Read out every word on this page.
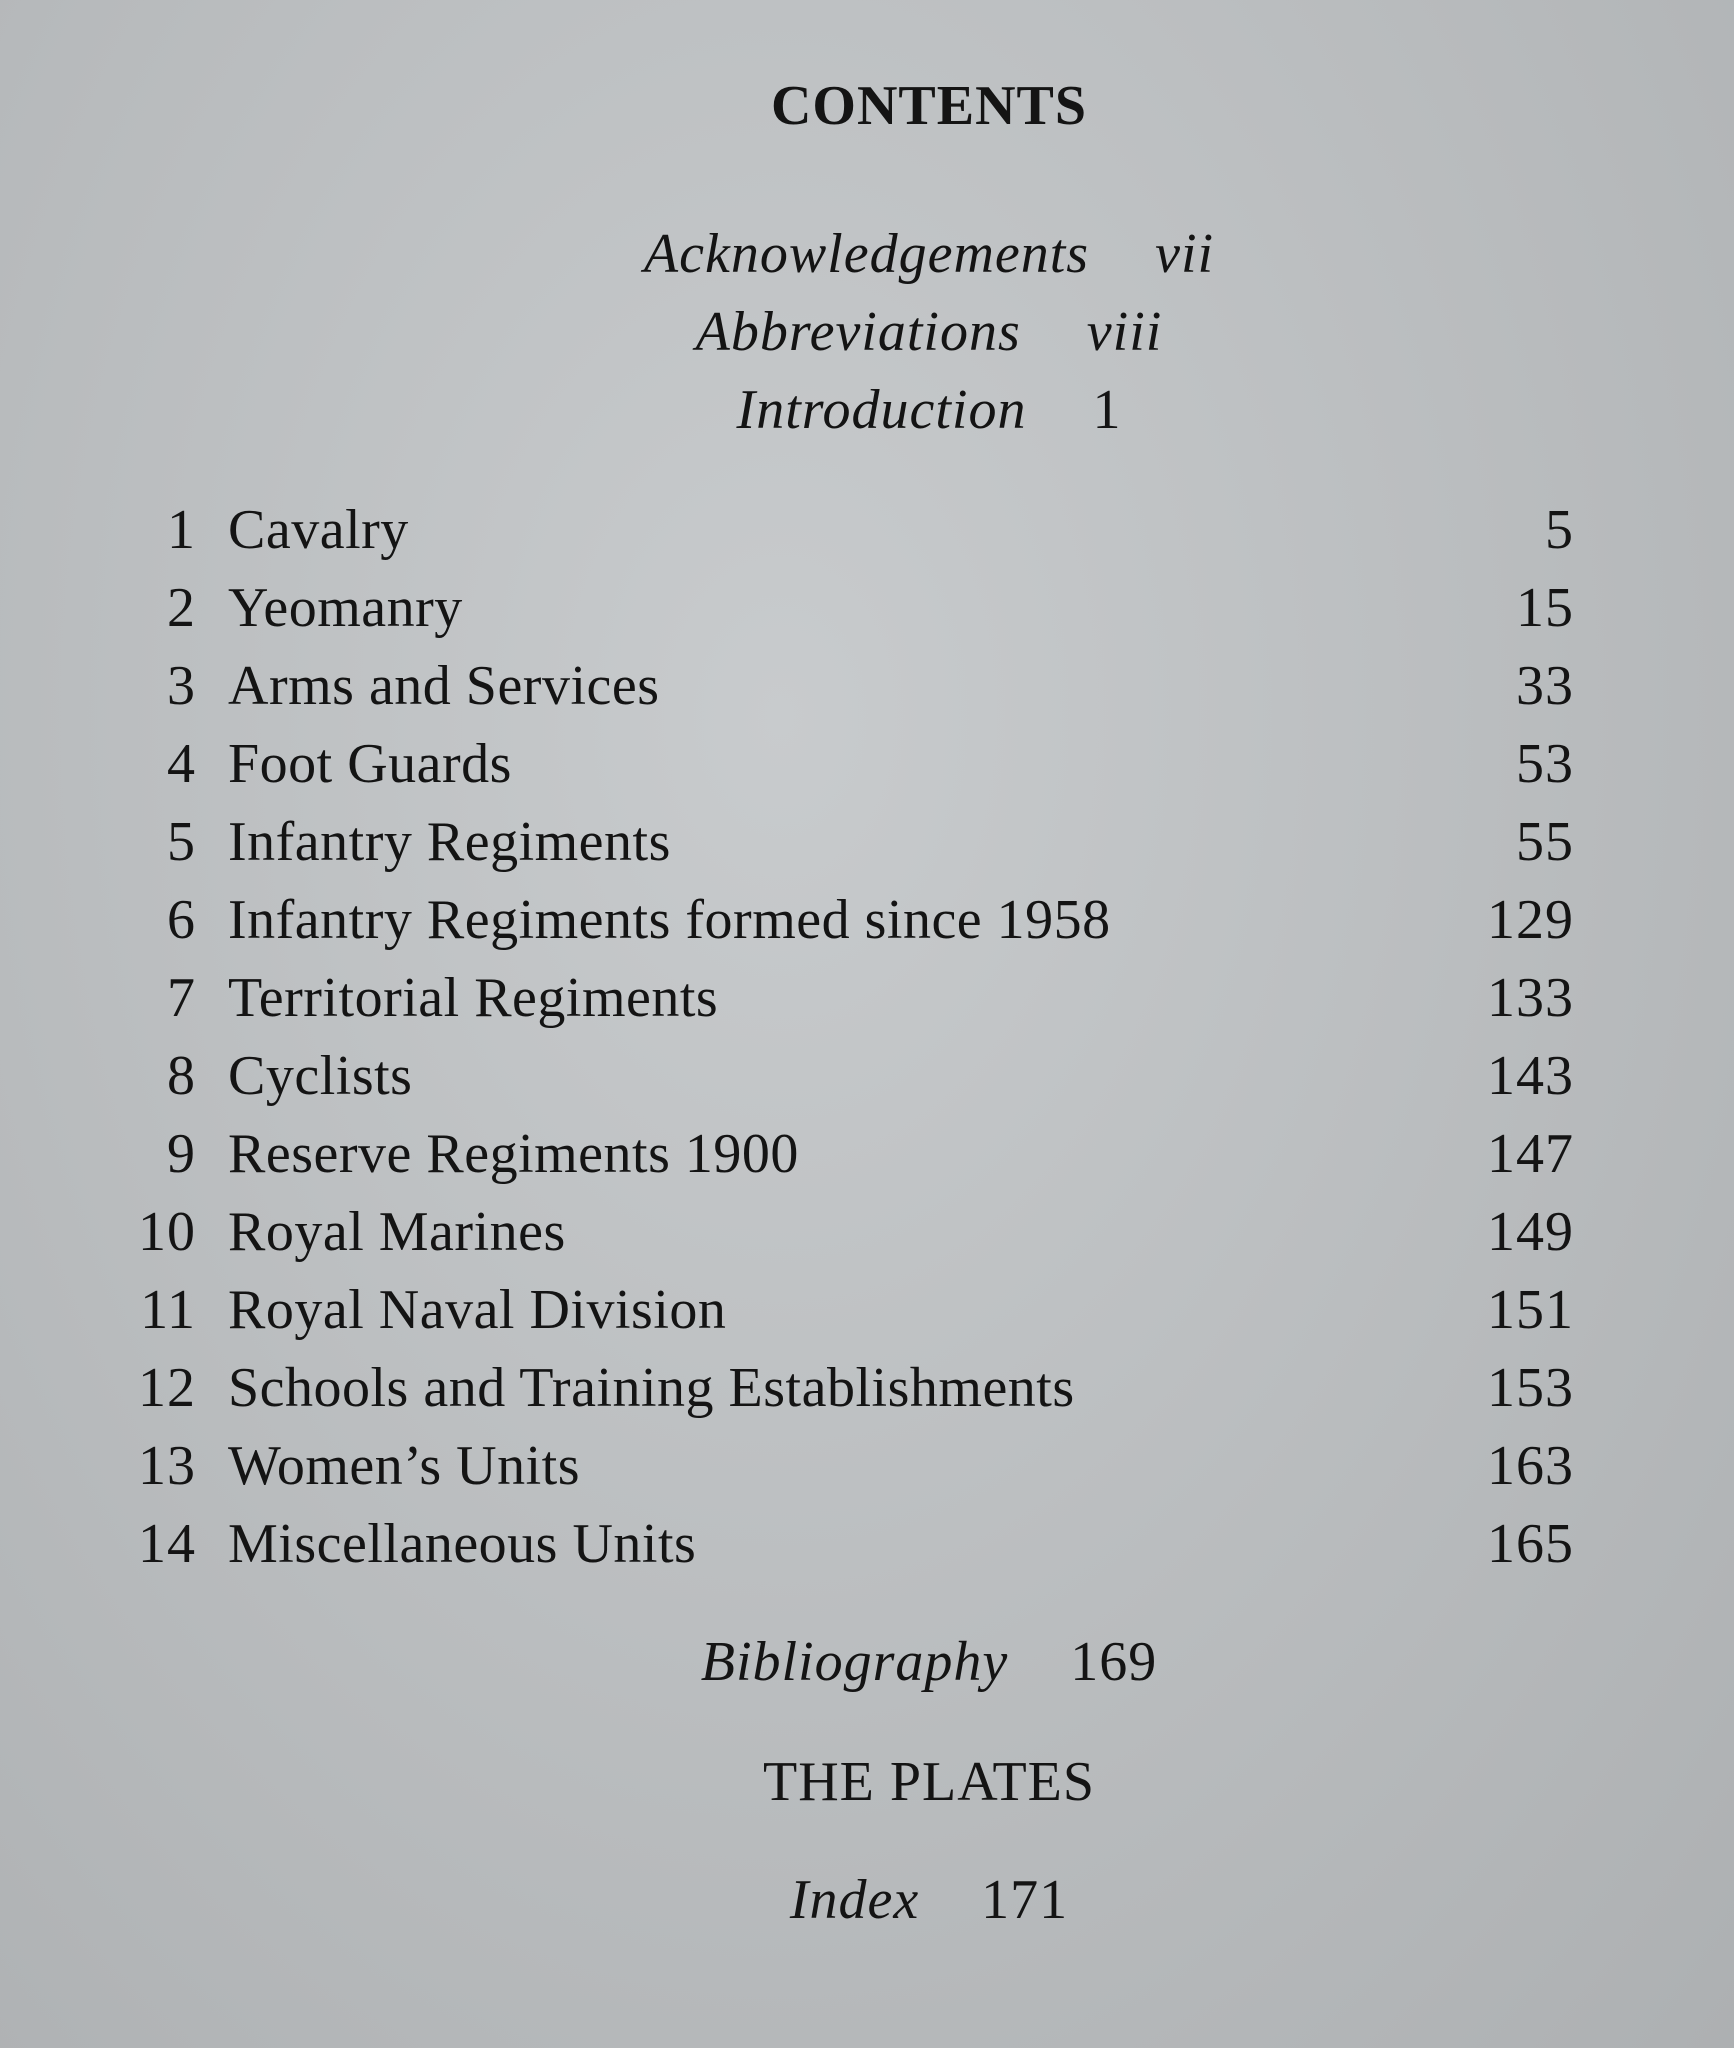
CONTENTS
Acknowledgements vii
Abbreviations viii
Introduction 1
1 Cavalry	5
2 Yeomanry	15
3 Arms and Services	33
4 Foot Guards	53
5 Infantry Regiments	55
6 Infantry Regiments formed since 1958	129
7 Territorial Regiments	133
8 Cyclists	143
9 Reserve Regiments 1900	147
10 Royal Marines	149
11 Royal Naval Division	151
12 Schools and Training Establishments	153
13 Women’s Units	163
14 Miscellaneous Units	165
Bibliography 169
THE PLATES
Index 171
